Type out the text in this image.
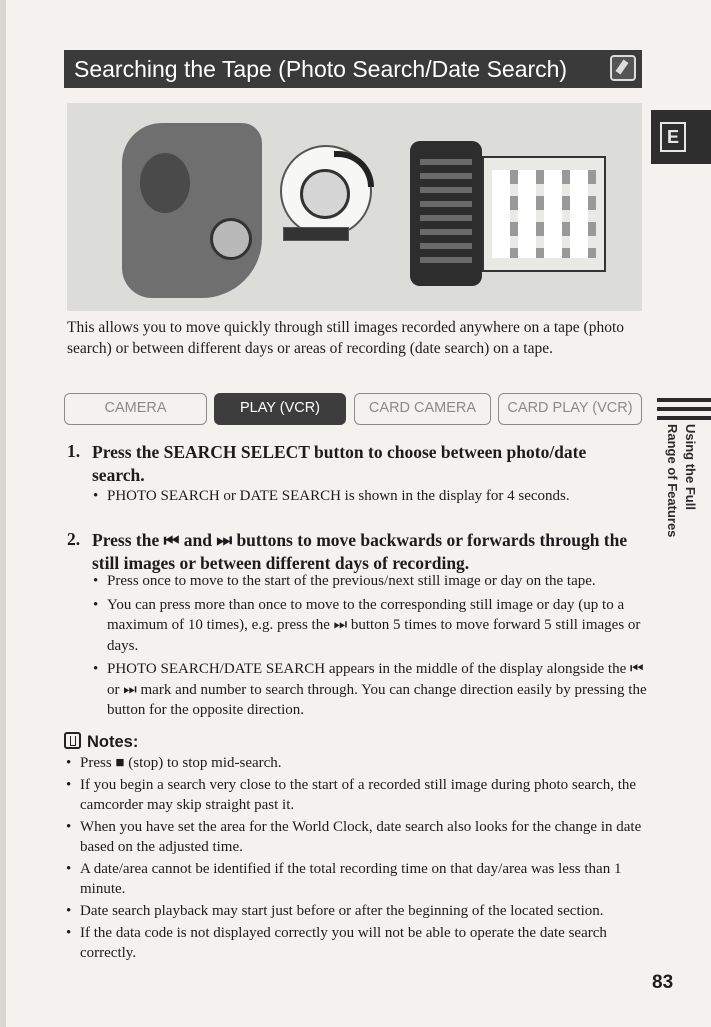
Searching the Tape (Photo Search/Date Search)
E

This allows you to move quickly through still images recorded anywhere on a tape (photo search) or between different days or areas of recording (date search) on a tape.

CAMERA	PLAY (VCR)	CARD CAMERA	CARD PLAY (VCR)
1. Press the SEARCH SELECT button to choose between photo/date search.

• PHOTO SEARCH or DATE SEARCH is shown in the display for 4 seconds.
2. Press the ⏮ and ⏭ buttons to move backwards or forwards through the still images or between different days of recording.

• Press once to move to the start of the previous/next still image or day on the tape.
• You can press more than once to move to the corresponding still image or day (up to a maximum of 10 times), e.g. press the ⏭ button 5 times to move forward 5 still images or days.
• PHOTO SEARCH/DATE SEARCH appears in the middle of the display alongside the ⏮ or ⏭ mark and number to search through. You can change direction easily by pressing the button for the opposite direction.
Notes:
• Press ■ (stop) to stop mid-search.
• If you begin a search very close to the start of a recorded still image during photo search, the camcorder may skip straight past it.
• When you have set the area for the World Clock, date search also looks for the change in date based on the adjusted time.
• A date/area cannot be identified if the total recording time on that day/area was less than 1 minute.
• Date search playback may start just before or after the beginning of the located section.
• If the data code is not displayed correctly you will not be able to operate the date search correctly.
Using the Full
Range of Features
83
